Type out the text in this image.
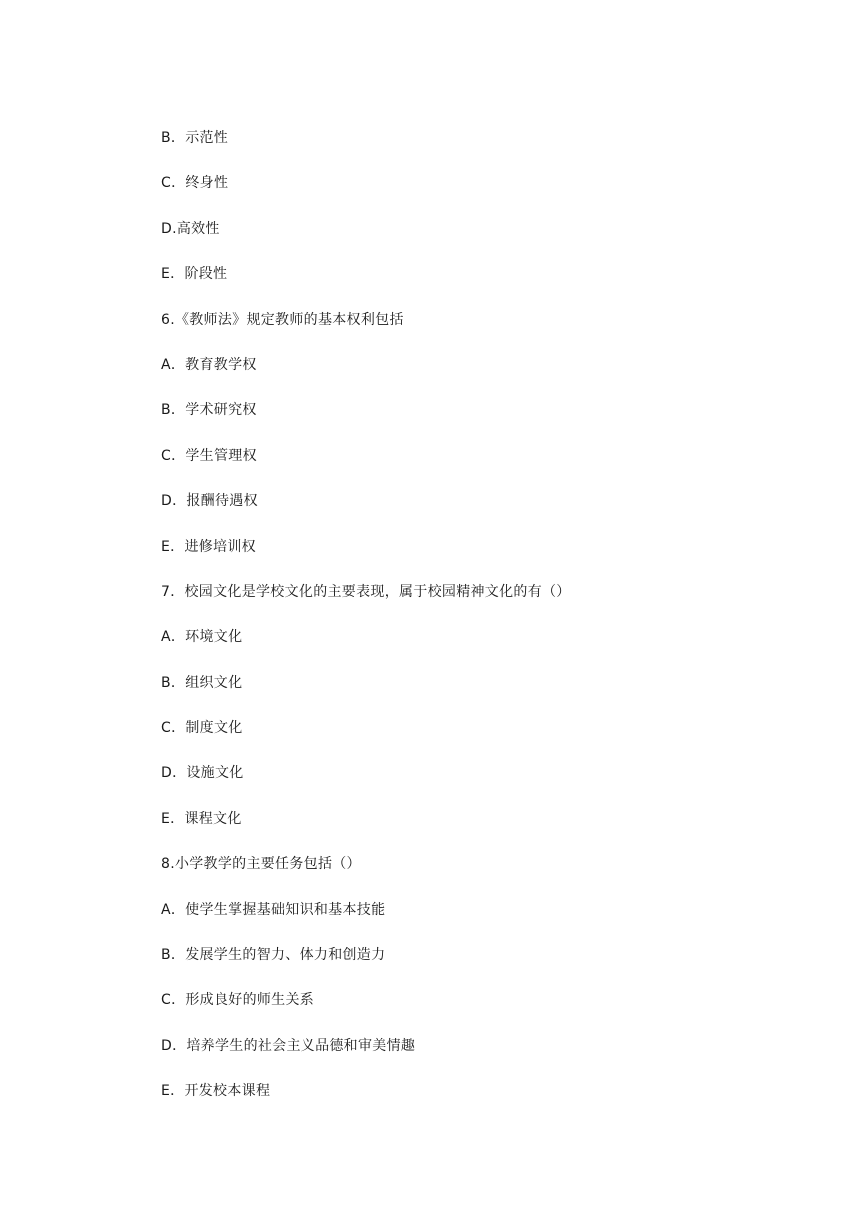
B．示范性
C．终身性
D.高效性
E．阶段性
6.《教师法》规定教师的基本权利包括
A．教育教学权
B．学术研究权
C．学生管理权
D．报酬待遇权
E．进修培训权
7．校园文化是学校文化的主要表现，属于校园精神文化的有（）
A．环境文化
B．组织文化
C．制度文化
D．设施文化
E．课程文化
8.小学教学的主要任务包括（）
A．使学生掌握基础知识和基本技能
B．发展学生的智力、体力和创造力
C．形成良好的师生关系
D．培养学生的社会主义品德和审美情趣
E．开发校本课程
